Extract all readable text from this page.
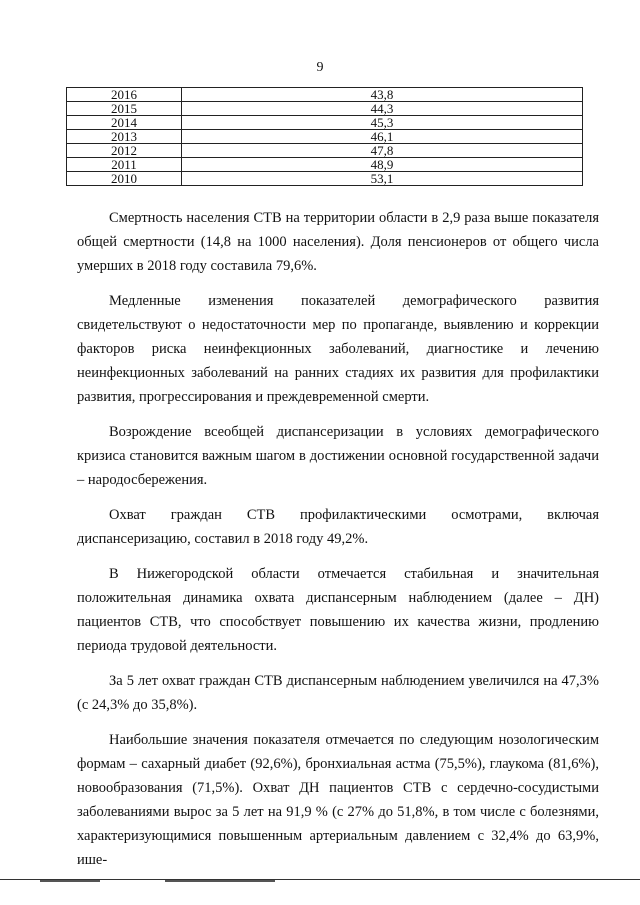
9
2016	43,8
2015	44,3
2014	45,3
2013	46,1
2012	47,8
2011	48,9
2010	53,1

Смертность населения СТВ на территории области в 2,9 раза выше показателя общей смертности (14,8 на 1000 населения). Доля пенсионеров от общего числа умерших в 2018 году составила 79,6%.

Медленные изменения показателей демографического развития свидетельствуют о недостаточности мер по пропаганде, выявлению и коррекции факторов риска неинфекционных заболеваний, диагностике и лечению неинфекционных заболеваний на ранних стадиях их развития для профилактики развития, прогрессирования и преждевременной смерти.

Возрождение всеобщей диспансеризации в условиях демографического кризиса становится важным шагом в достижении основной государственной задачи – народосбережения.

Охват граждан СТВ профилактическими осмотрами, включая диспансеризацию, составил в 2018 году 49,2%.

В Нижегородской области отмечается стабильная и значительная положительная динамика охвата диспансерным наблюдением (далее – ДН) пациентов СТВ, что способствует повышению их качества жизни, продлению периода трудовой деятельности.

За 5 лет охват граждан СТВ диспансерным наблюдением увеличился на 47,3% (с 24,3% до 35,8%).

Наибольшие значения показателя отмечается по следующим нозологическим формам – сахарный диабет (92,6%), бронхиальная астма (75,5%), глаукома (81,6%), новообразования (71,5%). Охват ДН пациентов СТВ с сердечно-сосудистыми заболеваниями вырос за 5 лет на 91,9 % (с 27% до 51,8%, в том числе с болезнями, характеризующимися повышенным артериальным давлением с 32,4% до 63,9%, ише-
